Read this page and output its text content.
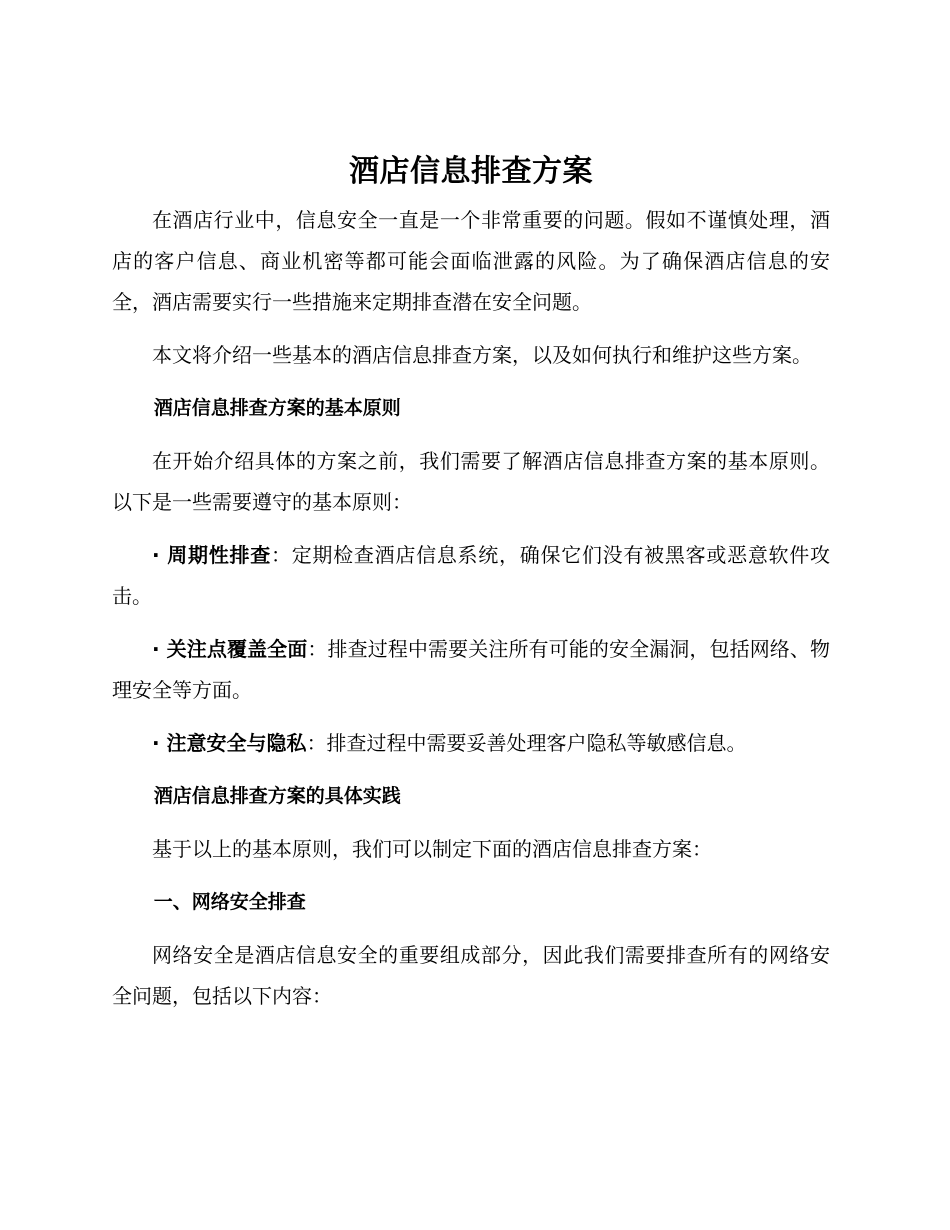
酒店信息排查方案
在酒店行业中，信息安全一直是一个非常重要的问题。假如不谨慎处理，酒店的客户信息、商业机密等都可能会面临泄露的风险。为了确保酒店信息的安全，酒店需要实行一些措施来定期排查潜在安全问题。
本文将介绍一些基本的酒店信息排查方案，以及如何执行和维护这些方案。
酒店信息排查方案的基本原则
在开始介绍具体的方案之前，我们需要了解酒店信息排查方案的基本原则。以下是一些需要遵守的基本原则：
· 周期性排查：定期检查酒店信息系统，确保它们没有被黑客或恶意软件攻击。
· 关注点覆盖全面：排查过程中需要关注所有可能的安全漏洞，包括网络、物理安全等方面。
· 注意安全与隐私：排查过程中需要妥善处理客户隐私等敏感信息。
酒店信息排查方案的具体实践
基于以上的基本原则，我们可以制定下面的酒店信息排查方案：
一、网络安全排查
网络安全是酒店信息安全的重要组成部分，因此我们需要排查所有的网络安全问题，包括以下内容：
